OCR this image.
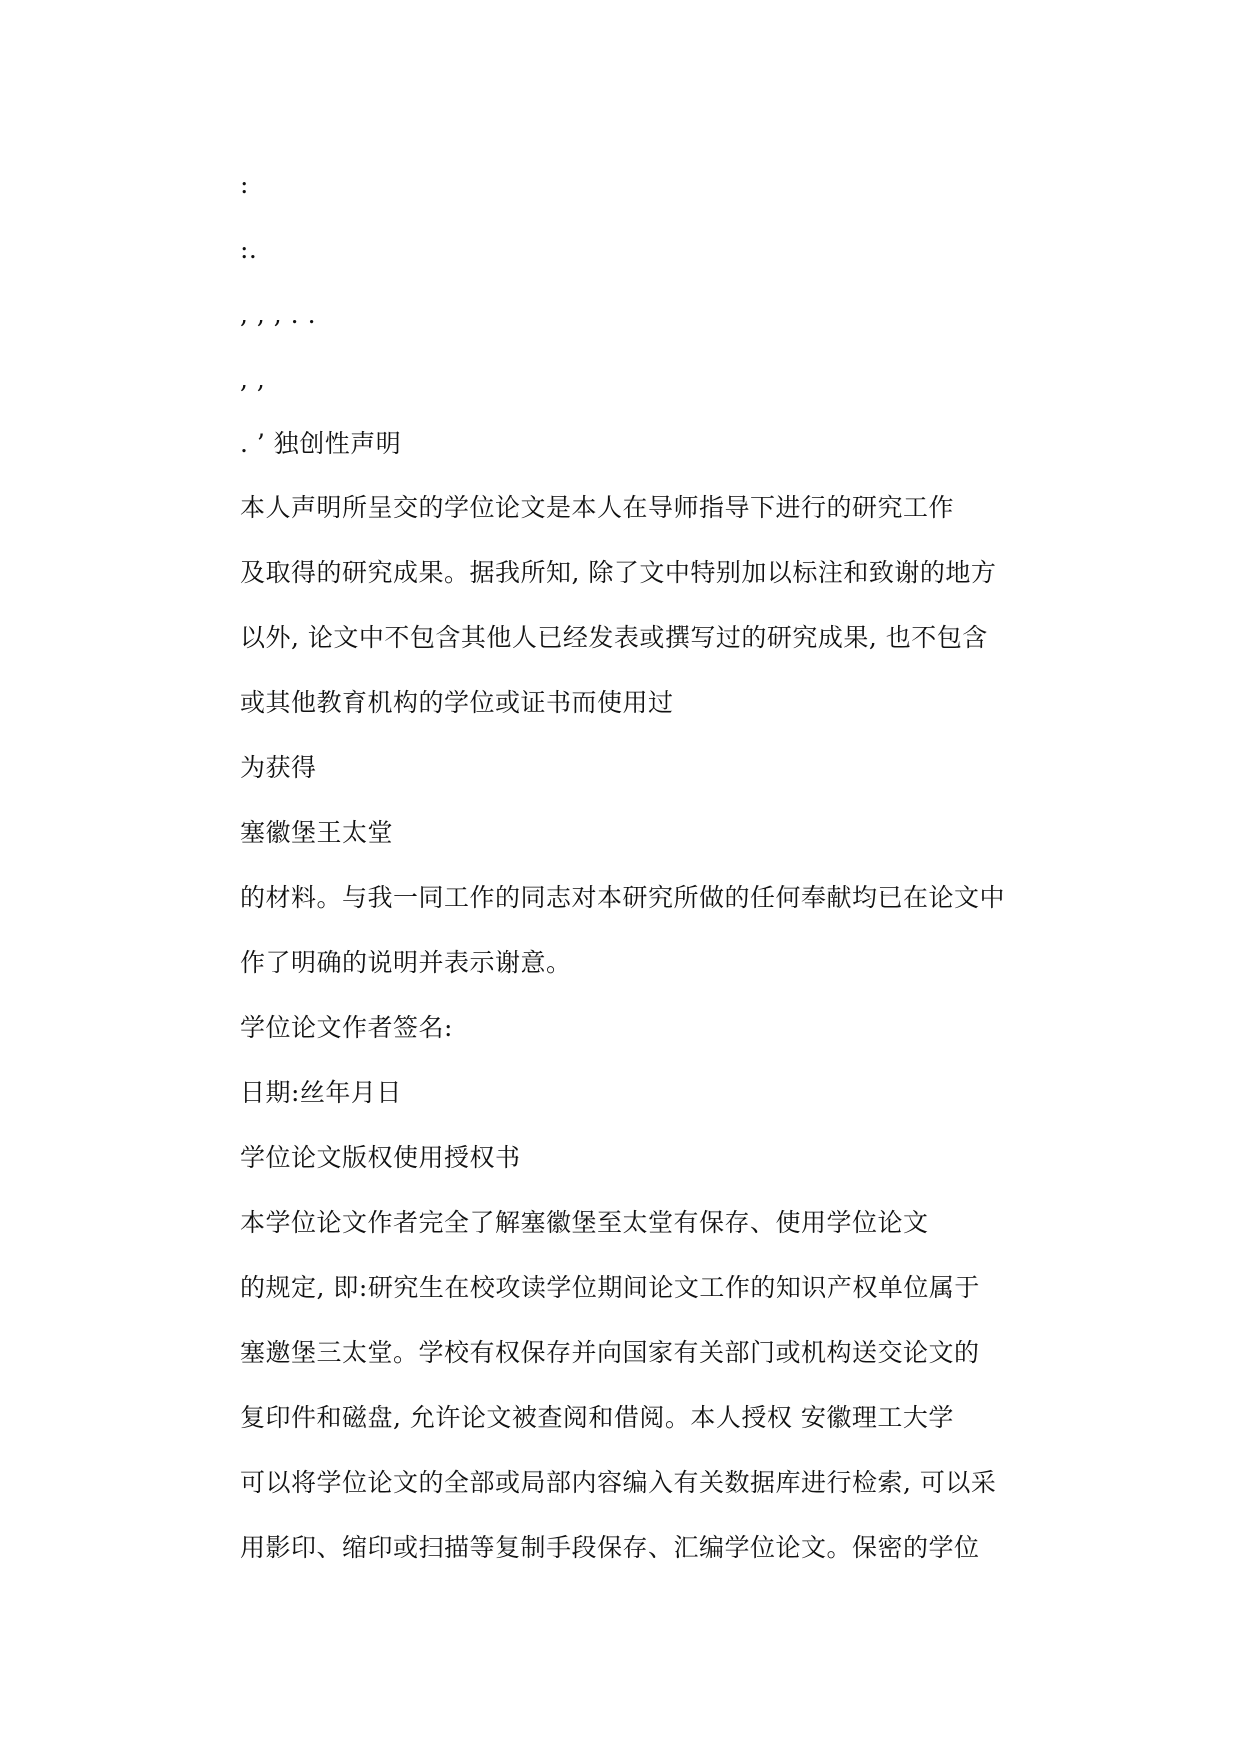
:

:.

, , , . .

, ,

. ’ 独创性声明

本人声明所呈交的学位论文是本人在导师指导下进行的研究工作

及取得的研究成果。据我所知, 除了文中特别加以标注和致谢的地方

以外, 论文中不包含其他人已经发表或撰写过的研究成果, 也不包含

或其他教育机构的学位或证书而使用过

为获得

塞徽堡王太堂

的材料。与我一同工作的同志对本研究所做的任何奉献均已在论文中

作了明确的说明并表示谢意。

学位论文作者签名:

日期:丝年月日

学位论文版权使用授权书

本学位论文作者完全了解塞徽堡至太堂有保存、使用学位论文

的规定, 即:研究生在校攻读学位期间论文工作的知识产权单位属于

塞邀堡三太堂。学校有权保存并向国家有关部门或机构送交论文的

复印件和磁盘, 允许论文被查阅和借阅。本人授权 安徽理工大学

可以将学位论文的全部或局部内容编入有关数据库进行检索, 可以采

用影印、缩印或扫描等复制手段保存、汇编学位论文。保密的学位
